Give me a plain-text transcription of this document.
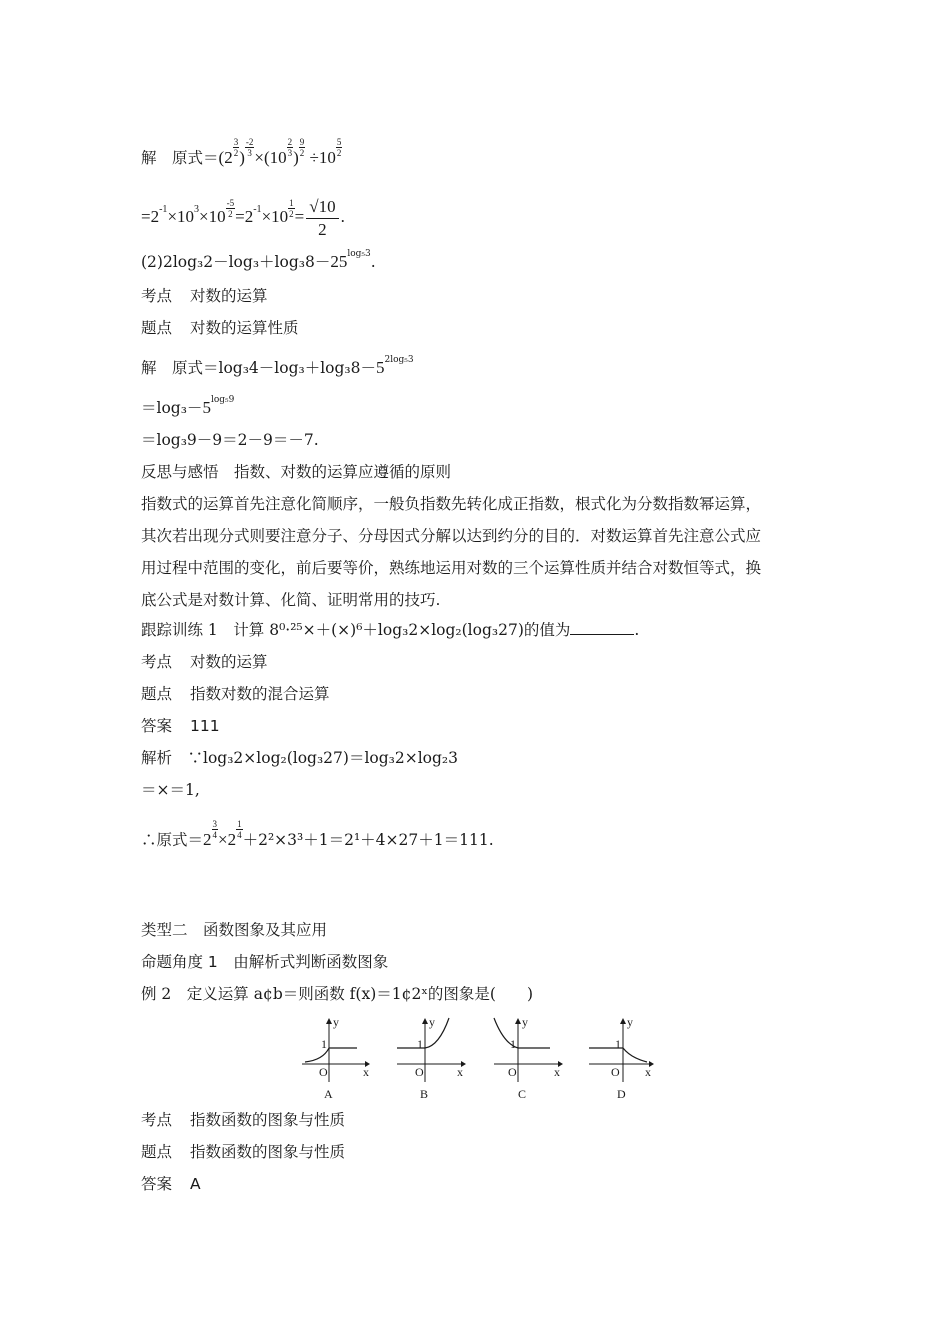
解　原式$=(2 \frac{3}{2}$ ) $\frac{-2}{3} \times(10 \frac{2}{3}$ ) $\frac{9}{2} \div 10 \frac{5}{2}$
$=2^{-1}\times 10^3\times 10 \frac{-5}{2} =2^{-1}\times 10 \frac{1}{2} = \frac{√10}{2}$ .
$(2)2\log_32-\log_3+\log_38-25^{log_53}$.
考点 对数的运算
题点 对数的运算性质
解　原式$=\log_34-\log_3+\log_38-5^{2log_53}$
$=\log_3-5^{log_59}$
＝log₃9－9＝2－9＝－7.
反思与感悟　指数、对数的运算应遵循的原则
指数式的运算首先注意化简顺序，一般负指数先转化成正指数，根式化为分数指数幂运算，
其次若出现分式则要注意分子、分母因式分解以达到约分的目的．对数运算首先注意公式应
用过程中范围的变化，前后要等价，熟练地运用对数的三个运算性质并结合对数恒等式，换
底公式是对数计算、化简、证明常用的技巧.
跟踪训练 1　计算 8⁰·²⁵×＋(×)⁶＋log₃2×log₂(log₃27)的值为	.
考点 对数的运算
题点 指数对数的混合运算
答案 111
解析　∵log₃2×log₂(log₃27)＝log₃2×log₂3
＝×＝1,
∴原式$=2 \frac{3}{4} \times 2 \frac{1}{4}$
＋2²×3³＋1＝2¹＋4×27＋1＝111.
类型二　函数图象及其应用
命题角度 1　由解析式判断函数图象
例 2　定义运算 a¢b＝则函数 f(x)＝1¢2ˣ的图象是(　　)
y
x
O
1
A
y
x
O
1
B
y
x
O
1
C
y
x
O
1
D
考点 指数函数的图象与性质
题点 指数函数的图象与性质
答案 A
